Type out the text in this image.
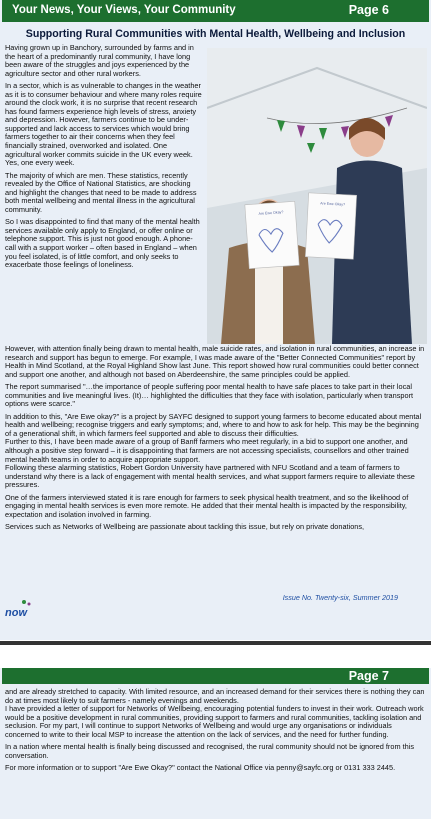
Your News, Your Views, Your Community	Page 6
Supporting Rural Communities with Mental Health, Wellbeing and Inclusion

Having grown up in Banchory, surrounded by farms and in the heart of a predominantly rural community, I have long been aware of the struggles and joys experienced by the agriculture sector and other rural workers.

In a sector, which is as vulnerable to changes in the weather as it is to consumer behaviour and where many roles require around the clock work, it is no surprise that recent research has found farmers experience high levels of stress, anxiety and depression. However, farmers continue to be under-supported and lack access to services which would bring farmers together to air their concerns when they feel financially strained, overworked and isolated. One agricultural worker commits suicide in the UK every week. Yes, one every week.

The majority of which are men. These statistics, recently revealed by the Office of National Statistics, are shocking and highlight the changes that need to be made to address both mental wellbeing and mental illness in the agricultural community.

So I was disappointed to find that many of the mental health services available only apply to England, or offer online or telephone support. This is just not good enough. A phone-call with a support worker – often based in England – when you feel isolated, is of little comfort, and only seeks to exacerbate those feelings of loneliness.

Are Ewe Okay?
Are Ewe Okay?

However, with attention finally being drawn to mental health, male suicide rates, and isolation in rural communities, an increase in research and support has begun to emerge. For example, I was made aware of the "Better Connected Communities" report by Health in Mind Scotland, at the Royal Highland Show last June. This report showed how rural communities could better connect and support one another, and although not based on Aberdeenshire, the same principles could be applied.

The report summarised "…the importance of people suffering poor mental health to have safe places to take part in their local communities and live meaningful lives. (It)… highlighted the difficulties that they face with isolation, particularly when transport options were scarce."

In addition to this, "Are Ewe okay?" is a project by SAYFC designed to support young farmers to become educated about mental health and wellbeing; recognise triggers and early symptoms; and, where to and how to ask for help. This may be the beginning of a generational shift, in which farmers feel supported and able to discuss their difficulties.

Further to this, I have been made aware of a group of Banff farmers who meet regularly, in a bid to support one another, and although a positive step forward – it is disappointing that farmers are not accessing specialists, counsellors and other trained mental health teams in order to acquire appropriate support.

Following these alarming statistics, Robert Gordon University have partnered with NFU Scotland and a team of farmers to understand why there is a lack of engagement with mental health services, and what support farmers require to alleviate these pressures.

One of the farmers interviewed stated it is rare enough for farmers to seek physical health treatment, and so the likelihood of engaging in mental health services is even more remote. He added that their mental health is impacted by the responsibility, expectation and isolation involved in farming.

Services such as Networks of Wellbeing are passionate about tackling this issue, but rely on private donations,

now
Issue No. Twenty-six, Summer 2019
Page 7

and are already stretched to capacity. With limited resource, and an increased demand for their services there is nothing they can do at times most likely to suit farmers - namely evenings and weekends.

I have provided a letter of support for Networks of Wellbeing, encouraging potential funders to invest in their work. Outreach work would be a positive development in rural communities, providing support to farmers and rural communities, tackling isolation and seclusion. For my part, I will continue to support Networks of Wellbeing and would urge any organisations or individuals concerned to write to their local MSP to increase the attention on the lack of services, and the need for further funding.

In a nation where mental health is finally being discussed and recognised, the rural community should not be ignored from this conversation.

For more information or to support "Are Ewe Okay?" contact the National Office via penny@sayfc.org or 0131 333 2445.
